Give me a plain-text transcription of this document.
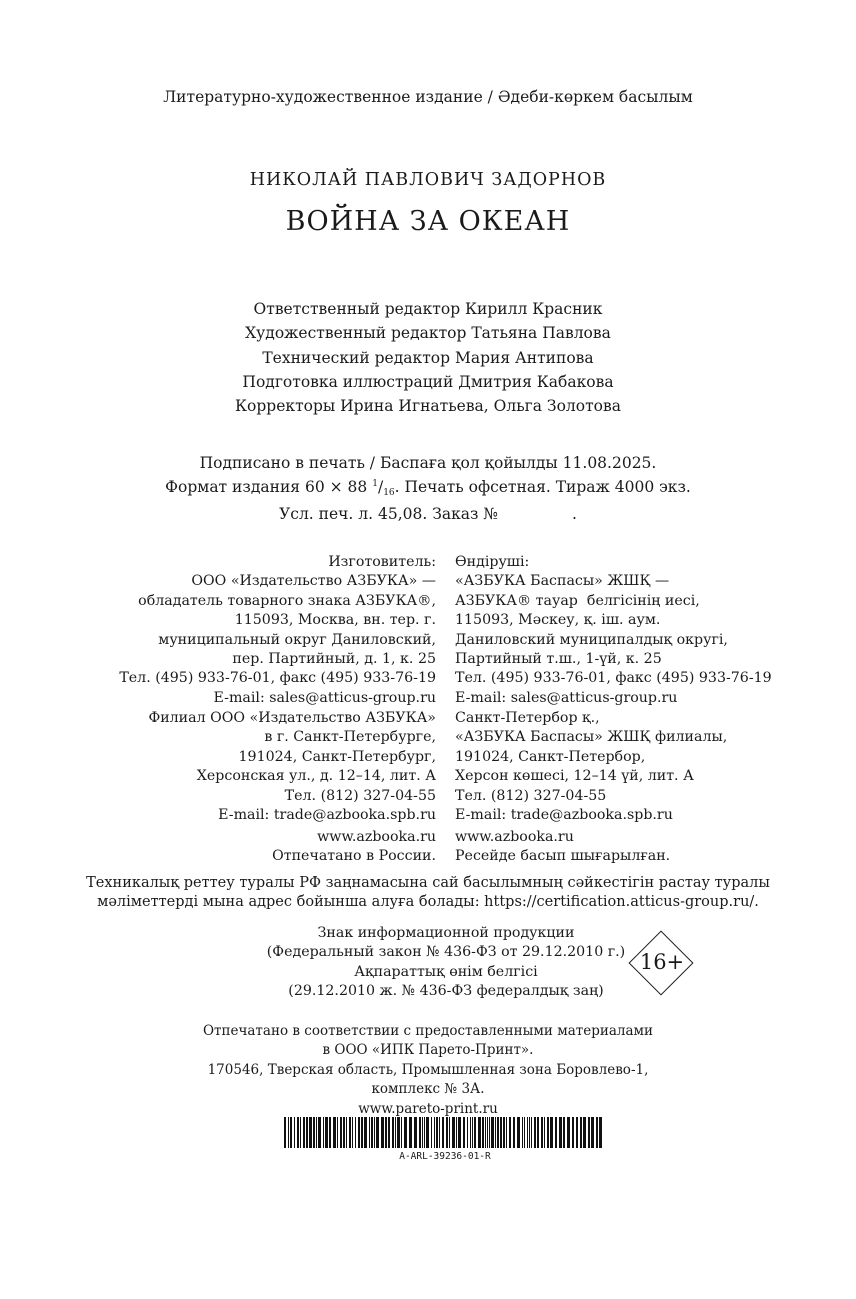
Литературно-художественное издание / Әдеби-көркем басылым
НИКОЛАЙ ПАВЛОВИЧ ЗАДОРНОВ
ВОЙНА ЗА ОКЕАН
Ответственный редактор Кирилл Красник
Художественный редактор Татьяна Павлова
Технический редактор Мария Антипова
Подготовка иллюстраций Дмитрия Кабакова
Корректоры Ирина Игнатьева, Ольга Золотова
Подписано в печать / Баспаға қол қойылды 11.08.2025.
Формат издания 60 × 88 $^1/_{16}$. Печать офсетная. Тираж 4000 экз.
Усл. печ. л. 45,08. Заказ №               .
Изготовитель:
ООО «Издательство АЗБУКА» —
обладатель товарного знака АЗБУКА®,
115093, Москва, вн. тер. г.
муниципальный округ Даниловский,
пер. Партийный, д. 1, к. 25
Тел. (495) 933-76-01, факс (495) 933-76-19
E-mail: sales@atticus-group.ru
Өндіруші:
«АЗБУКА Баспасы» ЖШҚ —
АЗБУКА® тауар  белгісінің иесі,
115093, Мәскеу, қ. іш. аум.
Даниловский муниципалдық округі,
Партийный т.ш., 1-үй, к. 25
Тел. (495) 933-76-01, факс (495) 933-76-19
E-mail: sales@atticus-group.ru
Филиал ООО «Издательство АЗБУКА»
в г. Санкт-Петербурге,
191024, Санкт-Петербург,
Херсонская ул., д. 12–14, лит. А
Тел. (812) 327-04-55
E-mail: trade@azbooka.spb.ru
Санкт-Петербор қ.,
«АЗБУКА Баспасы» ЖШҚ филиалы,
191024, Санкт-Петербор,
Херсон көшесі, 12–14 үй, лит. А
Тел. (812) 327-04-55
E-mail: trade@azbooka.spb.ru
www.azbooka.ru
Отпечатано в России.
www.azbooka.ru
Ресейде басып шығарылған.
Техникалық реттеу туралы РФ заңнамасына сай басылымның сәйкестігін растау туралы
мәліметтерді мына адрес бойынша алуға болады: https://certification.atticus-group.ru/.
Знак информационной продукции
(Федеральный закон № 436-ФЗ от 29.12.2010 г.)
Ақпараттық өнім белгісі
(29.12.2010 ж. № 436-ФЗ федералдық заң)
16+
Отпечатано в соответствии с предоставленными материалами
в ООО «ИПК Парето-Принт».
170546, Тверская область, Промышленная зона Боровлево-1,
комплекс № 3А.
www.pareto-print.ru
A-ARL-39236-01-R
